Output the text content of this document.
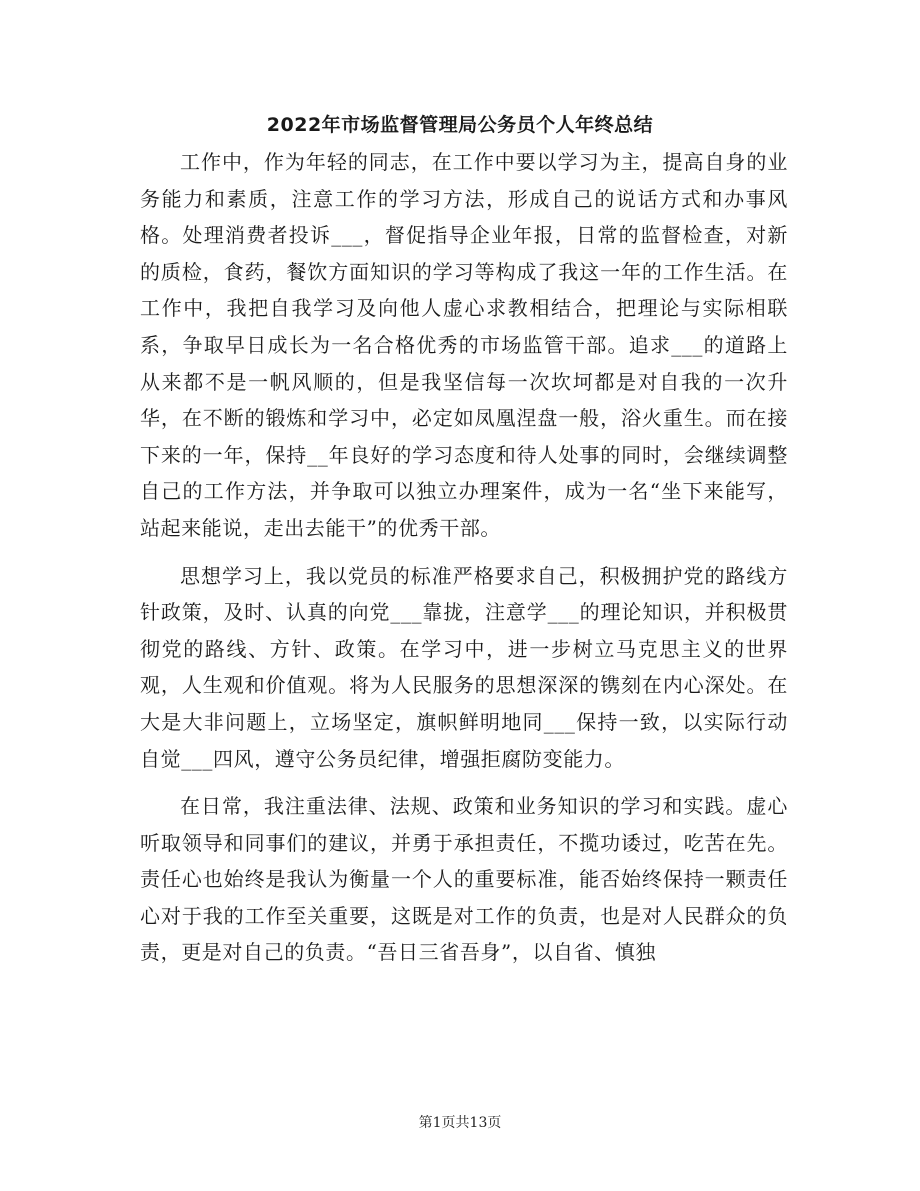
2022年市场监督管理局公务员个人年终总结

工作中，作为年轻的同志，在工作中要以学习为主，提高自身的业务能力和素质，注意工作的学习方法，形成自己的说话方式和办事风格。处理消费者投诉___，督促指导企业年报，日常的监督检查，对新的质检，食药，餐饮方面知识的学习等构成了我这一年的工作生活。在工作中，我把自我学习及向他人虚心求教相结合，把理论与实际相联系，争取早日成长为一名合格优秀的市场监管干部。追求___的道路上从来都不是一帆风顺的，但是我坚信每一次坎坷都是对自我的一次升华，在不断的锻炼和学习中，必定如凤凰涅盘一般，浴火重生。而在接下来的一年，保持__年良好的学习态度和待人处事的同时，会继续调整自己的工作方法，并争取可以独立办理案件，成为一名“坐下来能写，站起来能说，走出去能干”的优秀干部。

思想学习上，我以党员的标准严格要求自己，积极拥护党的路线方针政策，及时、认真的向党___靠拢，注意学___的理论知识，并积极贯彻党的路线、方针、政策。在学习中，进一步树立马克思主义的世界观，人生观和价值观。将为人民服务的思想深深的镌刻在内心深处。在大是大非问题上，立场坚定，旗帜鲜明地同___保持一致，以实际行动自觉___四风，遵守公务员纪律，增强拒腐防变能力。

在日常，我注重法律、法规、政策和业务知识的学习和实践。虚心听取领导和同事们的建议，并勇于承担责任，不揽功诿过，吃苦在先。责任心也始终是我认为衡量一个人的重要标准，能否始终保持一颗责任心对于我的工作至关重要，这既是对工作的负责，也是对人民群众的负责，更是对自己的负责。“吾日三省吾身”，以自省、慎独

第1页共13页
